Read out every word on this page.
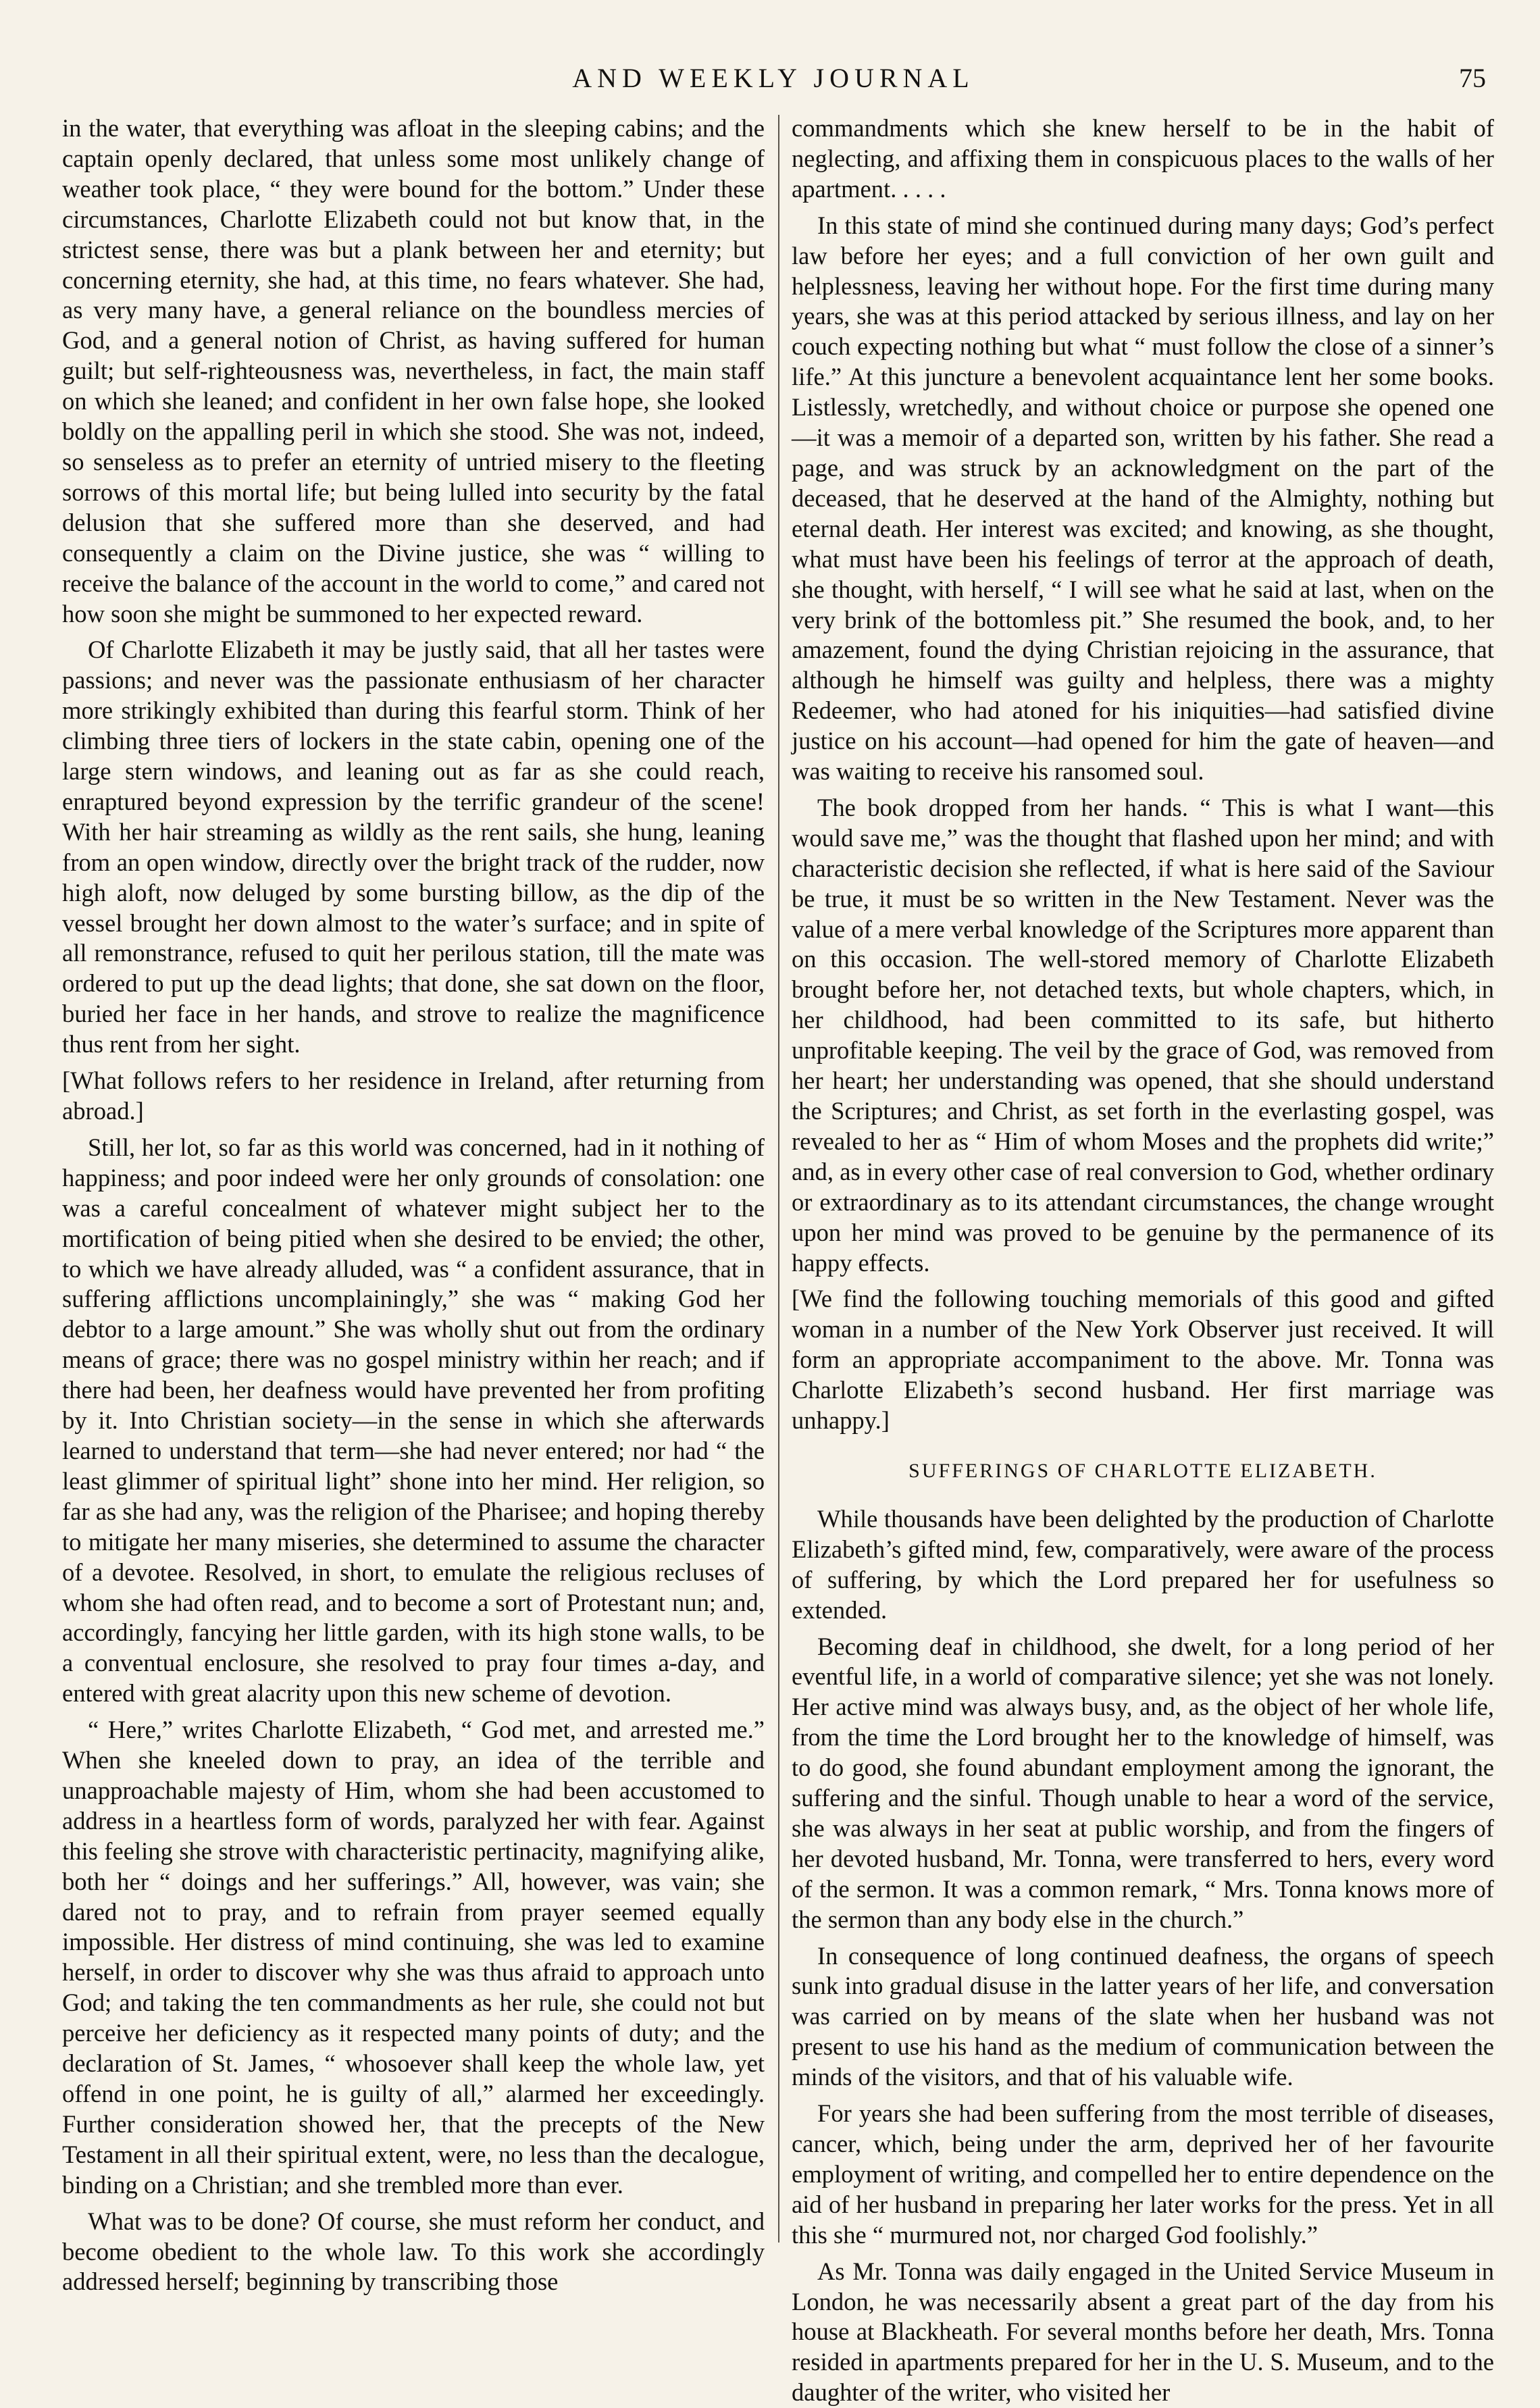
AND WEEKLY JOURNAL	75

in the water, that everything was afloat in the sleeping cabins; and the captain openly declared, that unless some most unlikely change of weather took place, “ they were bound for the bottom.” Under these circumstances, Charlotte Elizabeth could not but know that, in the strictest sense, there was but a plank between her and eternity; but concerning eternity, she had, at this time, no fears whatever. She had, as very many have, a general reliance on the boundless mercies of God, and a general notion of Christ, as having suffered for human guilt; but self-righteousness was, nevertheless, in fact, the main staff on which she leaned; and confident in her own false hope, she looked boldly on the appalling peril in which she stood. She was not, indeed, so senseless as to prefer an eternity of untried misery to the fleeting sorrows of this mortal life; but being lulled into security by the fatal delusion that she suffered more than she deserved, and had consequently a claim on the Divine justice, she was “ willing to receive the balance of the account in the world to come,” and cared not how soon she might be summoned to her expected reward.

Of Charlotte Elizabeth it may be justly said, that all her tastes were passions; and never was the passionate enthusiasm of her character more strikingly exhibited than during this fearful storm. Think of her climbing three tiers of lockers in the state cabin, opening one of the large stern windows, and leaning out as far as she could reach, enraptured beyond expression by the terrific grandeur of the scene! With her hair streaming as wildly as the rent sails, she hung, leaning from an open window, directly over the bright track of the rudder, now high aloft, now deluged by some bursting billow, as the dip of the vessel brought her down almost to the water’s surface; and in spite of all remonstrance, refused to quit her perilous station, till the mate was ordered to put up the dead lights; that done, she sat down on the floor, buried her face in her hands, and strove to realize the magnificence thus rent from her sight.

[What follows refers to her residence in Ireland, after returning from abroad.]

Still, her lot, so far as this world was concerned, had in it nothing of happiness; and poor indeed were her only grounds of consolation: one was a careful concealment of whatever might subject her to the mortification of being pitied when she desired to be envied; the other, to which we have already alluded, was “ a confident assurance, that in suffering afflictions uncomplainingly,” she was “ making God her debtor to a large amount.” She was wholly shut out from the ordinary means of grace; there was no gospel ministry within her reach; and if there had been, her deafness would have prevented her from profiting by it. Into Christian society—in the sense in which she afterwards learned to understand that term—she had never entered; nor had “ the least glimmer of spiritual light” shone into her mind. Her religion, so far as she had any, was the religion of the Pharisee; and hoping thereby to mitigate her many miseries, she determined to assume the character of a devotee. Resolved, in short, to emulate the religious recluses of whom she had often read, and to become a sort of Protestant nun; and, accordingly, fancying her little garden, with its high stone walls, to be a conventual enclosure, she resolved to pray four times a-day, and entered with great alacrity upon this new scheme of devotion.

“ Here,” writes Charlotte Elizabeth, “ God met, and arrested me.” When she kneeled down to pray, an idea of the terrible and unapproachable majesty of Him, whom she had been accustomed to address in a heartless form of words, paralyzed her with fear. Against this feeling she strove with characteristic pertinacity, magnifying alike, both her “ doings and her sufferings.” All, however, was vain; she dared not to pray, and to refrain from prayer seemed equally impossible. Her distress of mind continuing, she was led to examine herself, in order to discover why she was thus afraid to approach unto God; and taking the ten commandments as her rule, she could not but perceive her deficiency as it respected many points of duty; and the declaration of St. James, “ whosoever shall keep the whole law, yet offend in one point, he is guilty of all,” alarmed her exceedingly. Further consideration showed her, that the precepts of the New Testament in all their spiritual extent, were, no less than the decalogue, binding on a Christian; and she trembled more than ever.

What was to be done? Of course, she must reform her conduct, and become obedient to the whole law. To this work she accordingly addressed herself; beginning by transcribing those

commandments which she knew herself to be in the habit of neglecting, and affixing them in conspicuous places to the walls of her apartment. . . . .

In this state of mind she continued during many days; God’s perfect law before her eyes; and a full conviction of her own guilt and helplessness, leaving her without hope. For the first time during many years, she was at this period attacked by serious illness, and lay on her couch expecting nothing but what “ must follow the close of a sinner’s life.” At this juncture a benevolent acquaintance lent her some books. Listlessly, wretchedly, and without choice or purpose she opened one—it was a memoir of a departed son, written by his father. She read a page, and was struck by an acknowledgment on the part of the deceased, that he deserved at the hand of the Almighty, nothing but eternal death. Her interest was excited; and knowing, as she thought, what must have been his feelings of terror at the approach of death, she thought, with herself, “ I will see what he said at last, when on the very brink of the bottomless pit.” She resumed the book, and, to her amazement, found the dying Christian rejoicing in the assurance, that although he himself was guilty and helpless, there was a mighty Redeemer, who had atoned for his iniquities—had satisfied divine justice on his account—had opened for him the gate of heaven—and was waiting to receive his ransomed soul.

The book dropped from her hands. “ This is what I want—this would save me,” was the thought that flashed upon her mind; and with characteristic decision she reflected, if what is here said of the Saviour be true, it must be so written in the New Testament. Never was the value of a mere verbal knowledge of the Scriptures more apparent than on this occasion. The well-stored memory of Charlotte Elizabeth brought before her, not detached texts, but whole chapters, which, in her childhood, had been committed to its safe, but hitherto unprofitable keeping. The veil by the grace of God, was removed from her heart; her understanding was opened, that she should understand the Scriptures; and Christ, as set forth in the everlasting gospel, was revealed to her as “ Him of whom Moses and the prophets did write;” and, as in every other case of real conversion to God, whether ordinary or extraordinary as to its attendant circumstances, the change wrought upon her mind was proved to be genuine by the permanence of its happy effects.

[We find the following touching memorials of this good and gifted woman in a number of the New York Observer just received. It will form an appropriate accompaniment to the above. Mr. Tonna was Charlotte Elizabeth’s second husband. Her first marriage was unhappy.]

SUFFERINGS OF CHARLOTTE ELIZABETH.

While thousands have been delighted by the production of Charlotte Elizabeth’s gifted mind, few, comparatively, were aware of the process of suffering, by which the Lord prepared her for usefulness so extended.

Becoming deaf in childhood, she dwelt, for a long period of her eventful life, in a world of comparative silence; yet she was not lonely. Her active mind was always busy, and, as the object of her whole life, from the time the Lord brought her to the knowledge of himself, was to do good, she found abundant employment among the ignorant, the suffering and the sinful. Though unable to hear a word of the service, she was always in her seat at public worship, and from the fingers of her devoted husband, Mr. Tonna, were transferred to hers, every word of the sermon. It was a common remark, “ Mrs. Tonna knows more of the sermon than any body else in the church.”

In consequence of long continued deafness, the organs of speech sunk into gradual disuse in the latter years of her life, and conversation was carried on by means of the slate when her husband was not present to use his hand as the medium of communication between the minds of the visitors, and that of his valuable wife.

For years she had been suffering from the most terrible of diseases, cancer, which, being under the arm, deprived her of her favourite employment of writing, and compelled her to entire dependence on the aid of her husband in preparing her later works for the press. Yet in all this she “ murmured not, nor charged God foolishly.”

As Mr. Tonna was daily engaged in the United Service Museum in London, he was necessarily absent a great part of the day from his house at Blackheath. For several months before her death, Mrs. Tonna resided in apartments prepared for her in the U. S. Museum, and to the daughter of the writer, who visited her
